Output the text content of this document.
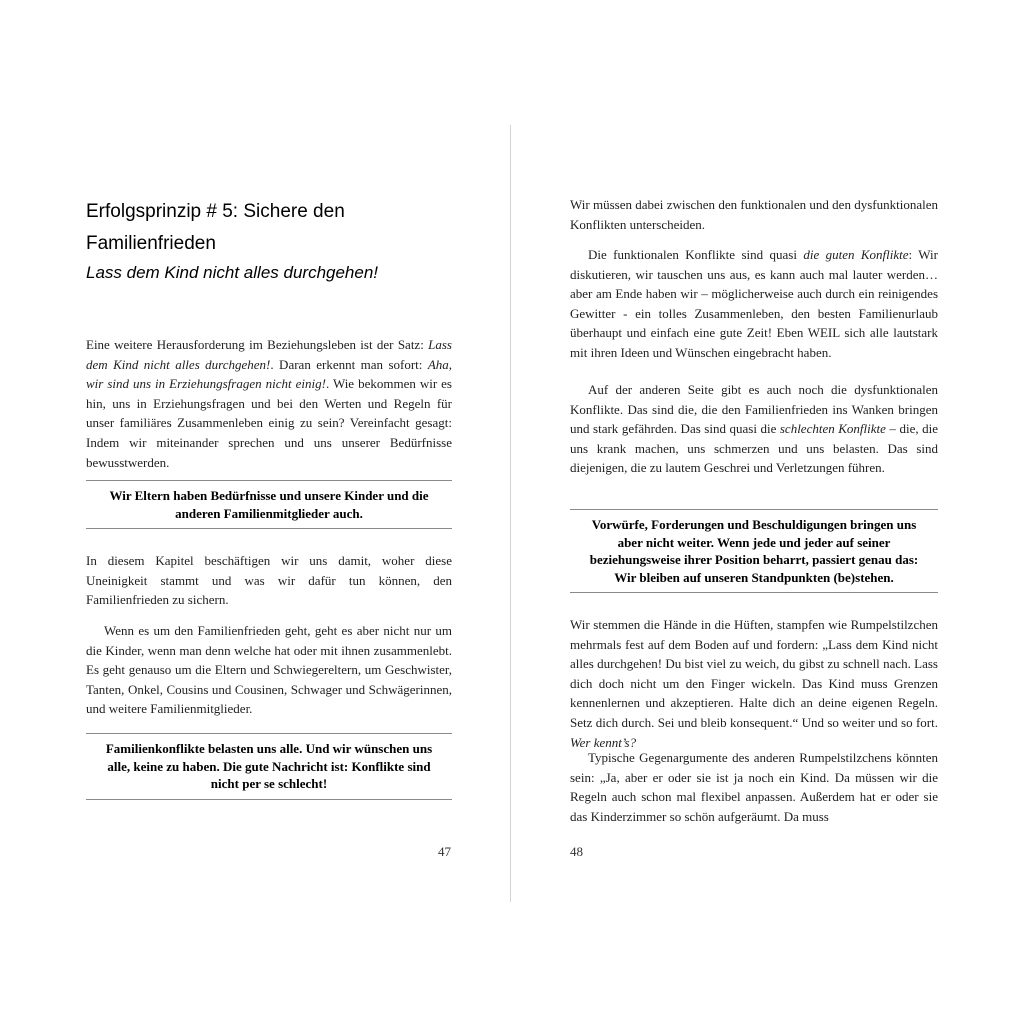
Erfolgsprinzip # 5: Sichere den Familienfrieden
Lass dem Kind nicht alles durchgehen!

Eine weitere Herausforderung im Beziehungsleben ist der Satz: Lass dem Kind nicht alles durchgehen!. Daran erkennt man sofort: Aha, wir sind uns in Erziehungsfragen nicht einig!. Wie bekommen wir es hin, uns in Erziehungsfragen und bei den Werten und Regeln für unser familiäres Zusammenleben einig zu sein? Vereinfacht gesagt: Indem wir miteinander sprechen und uns unserer Bedürfnisse bewusstwerden.

Wir Eltern haben Bedürfnisse und unsere Kinder und die anderen Familienmitglieder auch.

In diesem Kapitel beschäftigen wir uns damit, woher diese Uneinigkeit stammt und was wir dafür tun können, den Familienfrieden zu sichern.

Wenn es um den Familienfrieden geht, geht es aber nicht nur um die Kinder, wenn man denn welche hat oder mit ihnen zusammenlebt. Es geht genauso um die Eltern und Schwiegereltern, um Geschwister, Tanten, Onkel, Cousins und Cousinen, Schwager und Schwägerinnen, und weitere Familienmitglieder.

Familienkonflikte belasten uns alle. Und wir wünschen uns alle, keine zu haben. Die gute Nachricht ist: Konflikte sind nicht per se schlecht!
47

Wir müssen dabei zwischen den funktionalen und den dysfunktionalen Konflikten unterscheiden.

Die funktionalen Konflikte sind quasi die guten Konflikte: Wir diskutieren, wir tauschen uns aus, es kann auch mal lauter werden…aber am Ende haben wir – möglicherweise auch durch ein reinigendes Gewitter - ein tolles Zusammenleben, den besten Familienurlaub überhaupt und einfach eine gute Zeit! Eben WEIL sich alle lautstark mit ihren Ideen und Wünschen eingebracht haben.

Auf der anderen Seite gibt es auch noch die dysfunktionalen Konflikte. Das sind die, die den Familienfrieden ins Wanken bringen und stark gefährden. Das sind quasi die schlechten Konflikte – die, die uns krank machen, uns schmerzen und uns belasten. Das sind diejenigen, die zu lautem Geschrei und Verletzungen führen.

Vorwürfe, Forderungen und Beschuldigungen bringen uns aber nicht weiter. Wenn jede und jeder auf seiner beziehungsweise ihrer Position beharrt, passiert genau das: Wir bleiben auf unseren Standpunkten (be)stehen.

Wir stemmen die Hände in die Hüften, stampfen wie Rumpelstilzchen mehrmals fest auf dem Boden auf und fordern: „Lass dem Kind nicht alles durchgehen! Du bist viel zu weich, du gibst zu schnell nach. Lass dich doch nicht um den Finger wickeln. Das Kind muss Grenzen kennenlernen und akzeptieren. Halte dich an deine eigenen Regeln. Setz dich durch. Sei und bleib konsequent.“ Und so weiter und so fort. Wer kennt’s?

Typische Gegenargumente des anderen Rumpelstilzchens könnten sein: „Ja, aber er oder sie ist ja noch ein Kind. Da müssen wir die Regeln auch schon mal flexibel anpassen. Außerdem hat er oder sie das Kinderzimmer so schön aufgeräumt. Da muss

48
